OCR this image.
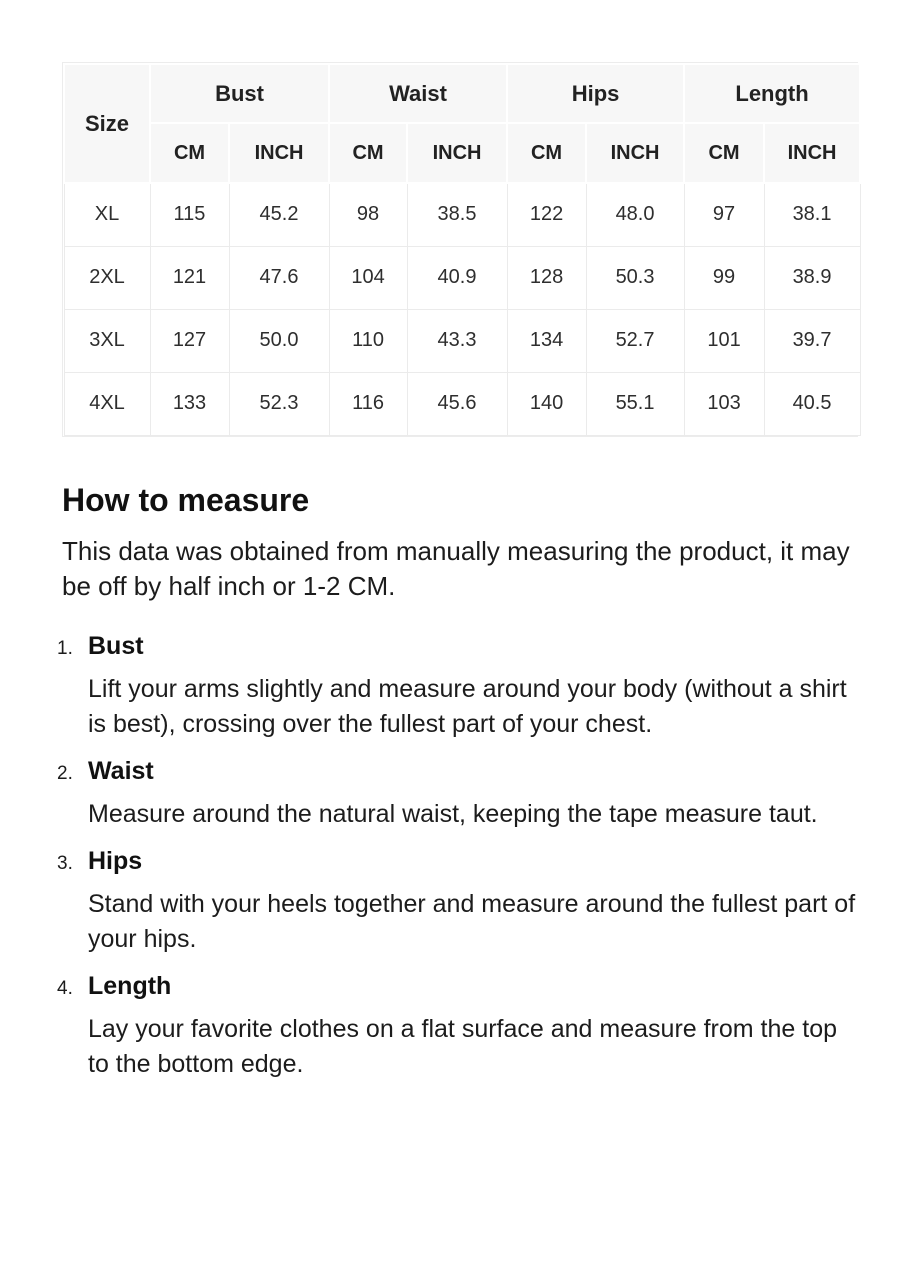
Size	Bust		Waist		Hips		Length	
	CM	INCH	CM	INCH	CM	INCH	CM	INCH
XL	115	45.2	98	38.5	122	48.0	97	38.1
2XL	121	47.6	104	40.9	128	50.3	99	38.9
3XL	127	50.0	110	43.3	134	52.7	101	39.7
4XL	133	52.3	116	45.6	140	55.1	103	40.5
How to measure

This data was obtained from manually measuring the product, it may be off by half inch or 1-2 CM.

1. Bust

Lift your arms slightly and measure around your body (without a shirt is best), crossing over the fullest part of your chest.

2. Waist

Measure around the natural waist, keeping the tape measure taut.

3. Hips

Stand with your heels together and measure around the fullest part of your hips.

4. Length

Lay your favorite clothes on a flat surface and measure from the top to the bottom edge.
